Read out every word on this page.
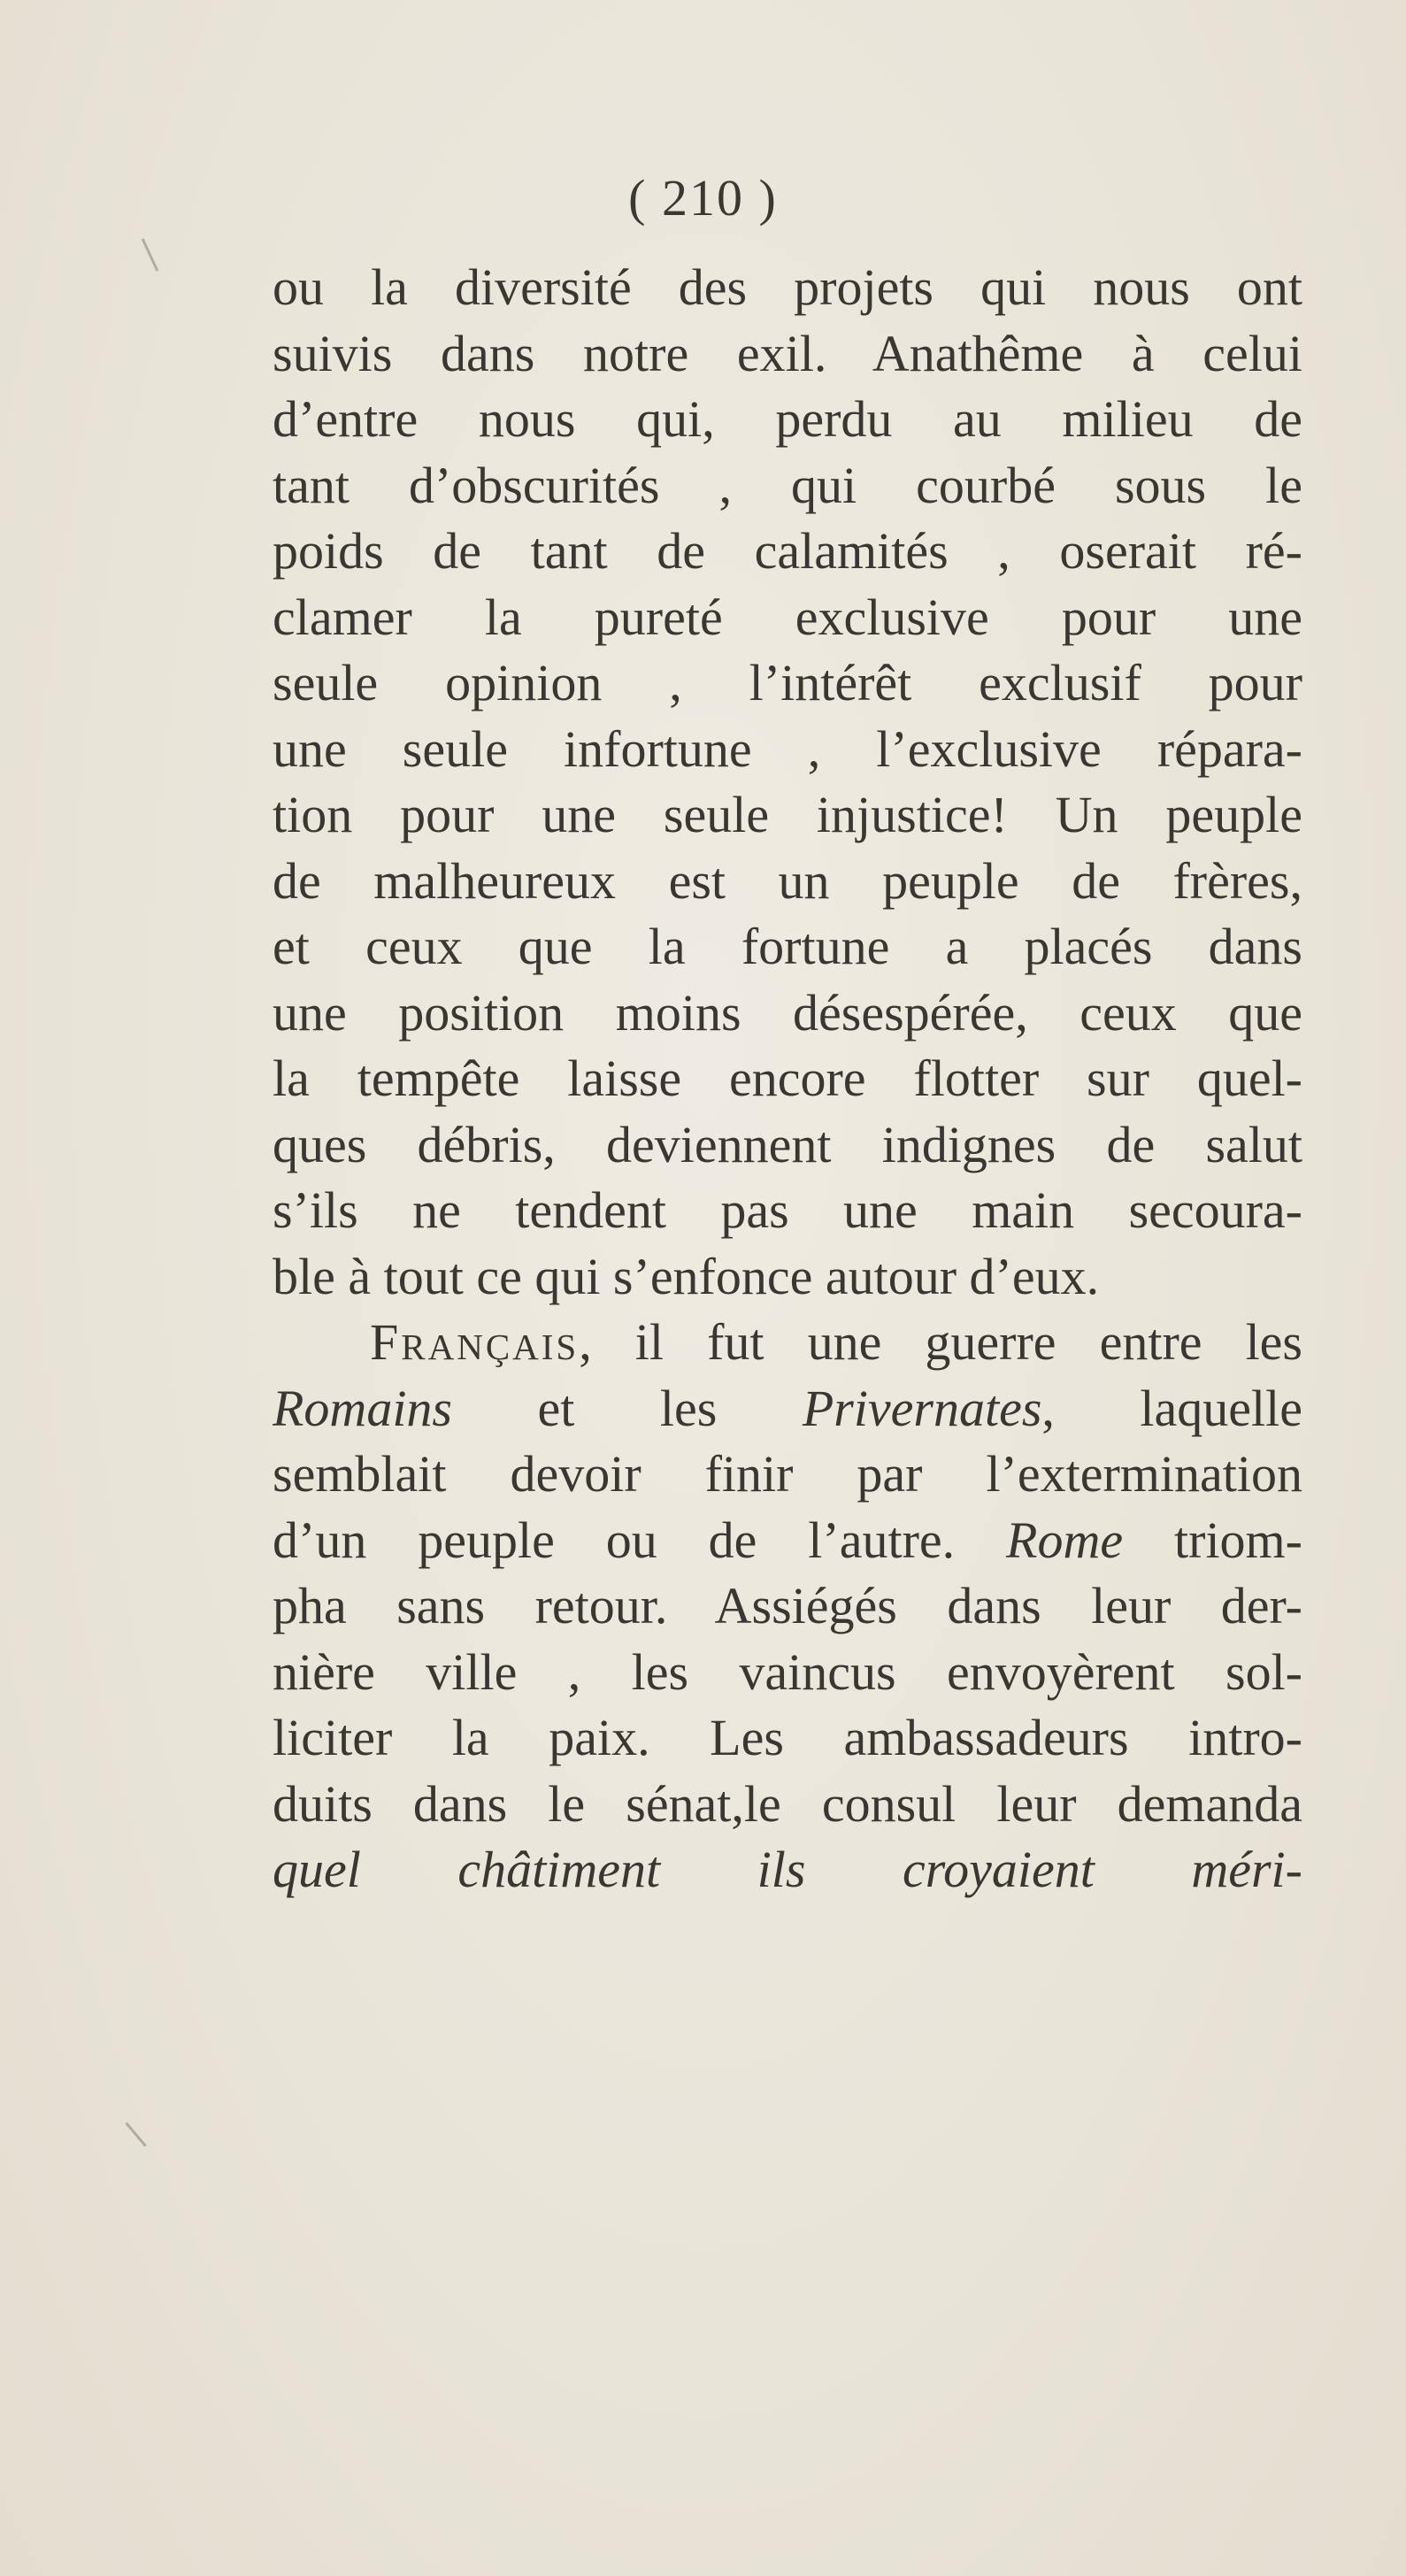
( 210 )
ou la diversité des projets qui nous ont
suivis dans notre exil. Anathême à celui
d’entre nous qui, perdu au milieu de
tant d’obscurités , qui courbé sous le
poids de tant de calamités , oserait ré-
clamer la pureté exclusive pour une
seule opinion , l’intérêt exclusif pour
une seule infortune , l’exclusive répara-
tion pour une seule injustice! Un peuple
de malheureux est un peuple de frères,
et ceux que la fortune a placés dans
une position moins désespérée, ceux que
la tempête laisse encore flotter sur quel-
ques débris, deviennent indignes de salut
s’ils ne tendent pas une main secoura-
ble à tout ce qui s’enfonce autour d’eux.
Français, il fut une guerre entre les
Romains et les Privernates, laquelle
semblait devoir finir par l’extermination
d’un peuple ou de l’autre. Rome triom-
pha sans retour. Assiégés dans leur der-
nière ville , les vaincus envoyèrent sol-
liciter la paix. Les ambassadeurs intro-
duits dans le sénat,le consul leur demanda
quel châtiment ils croyaient méri-
